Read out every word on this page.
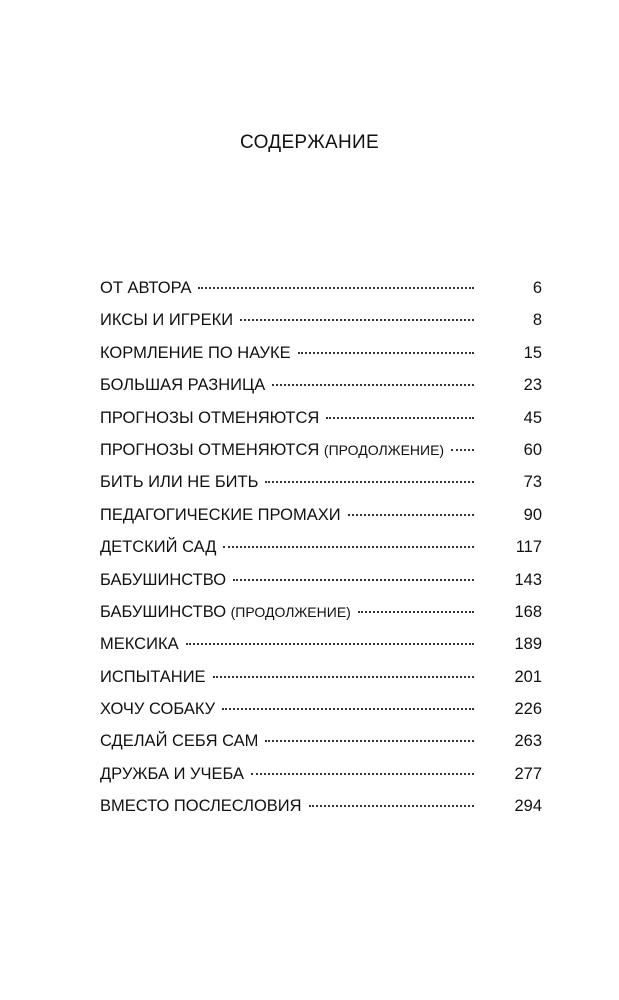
СОДЕРЖАНИЕ
ОТ АВТОРА	6
ИКСЫ И ИГРЕКИ	8
КОРМЛЕНИЕ ПО НАУКЕ	15
БОЛЬШАЯ РАЗНИЦА	23
ПРОГНОЗЫ ОТМЕНЯЮТСЯ	45
ПРОГНОЗЫ ОТМЕНЯЮТСЯ (ПРОДОЛЖЕНИЕ)	60
БИТЬ ИЛИ НЕ БИТЬ	73
ПЕДАГОГИЧЕСКИЕ ПРОМАХИ	90
ДЕТСКИЙ САД	117
БАБУШИНСТВО	143
БАБУШИНСТВО (ПРОДОЛЖЕНИЕ)	168
МЕКСИКА	189
ИСПЫТАНИЕ	201
ХОЧУ СОБАКУ	226
СДЕЛАЙ СЕБЯ САМ	263
ДРУЖБА И УЧЕБА	277
ВМЕСТО ПОСЛЕСЛОВИЯ	294
